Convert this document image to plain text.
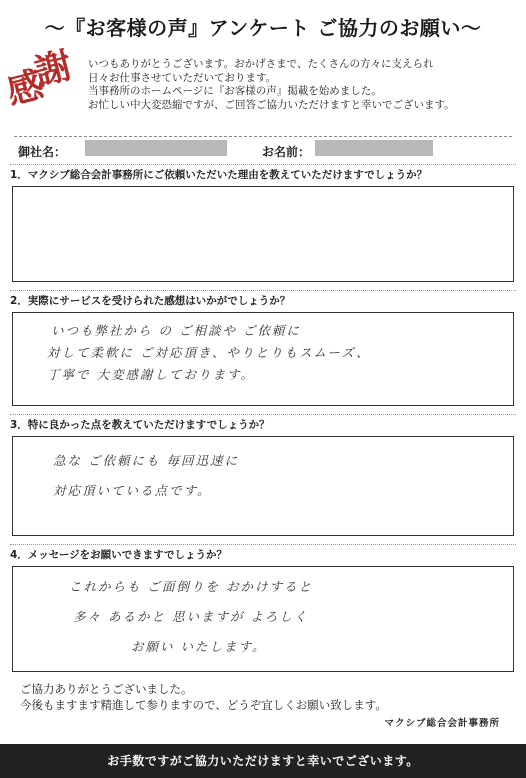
～『お客様の声』アンケート ご協力のお願い～
感謝	いつもありがとうございます。おかげさまで、たくさんの方々に支えられ
日々お仕事させていただいております。
当事務所のホームページに『お客様の声』掲載を始めました。
お忙しい中大変恐縮ですが、ご回答ご協力いただけますと幸いでございます。
御社名：	お名前：
1．マクシブ総合会計事務所にご依頼いただいた理由を教えていただけますでしょうか？
2．実際にサービスを受けられた感想はいかがでしょうか？
いつも弊社から の ご相談や ご依頼に
対して柔軟に ご対応頂き、やりとりもスムーズ、
丁寧で 大変感謝しております。
3．特に良かった点を教えていただけますでしょうか？
急な ご依頼にも 毎回迅速に
対応頂いている点です。
4．メッセージをお願いできますでしょうか？
これからも ご面倒りを おかけすると
多々 あるかと 思いますが よろしく
お願い いたします。
ご協力ありがとうございました。
今後もますます精進して参りますので、どうぞ宜しくお願い致します。
マクシブ総合会計事務所
お手数ですがご協力いただけますと幸いでございます。
